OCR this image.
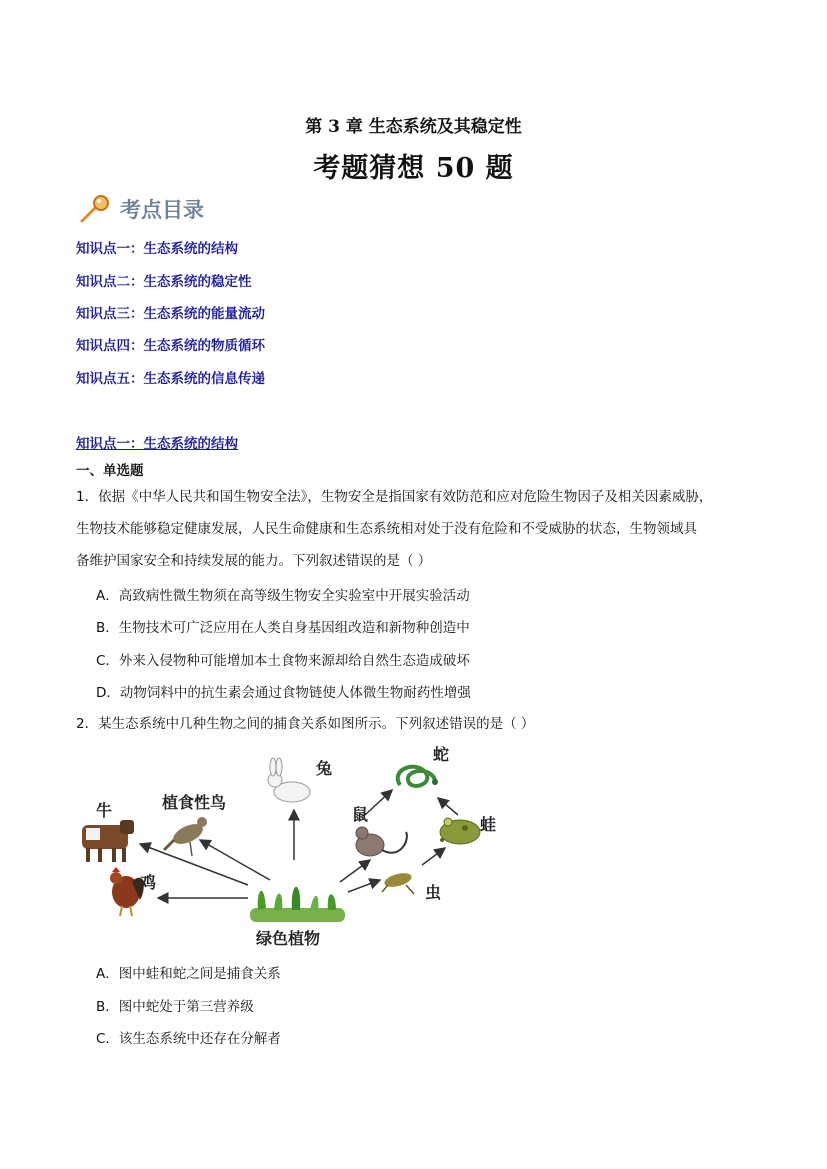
第 3 章 生态系统及其稳定性
考题猜想 50 题
考点目录
知识点一：生态系统的结构
知识点二：生态系统的稳定性
知识点三：生态系统的能量流动
知识点四：生态系统的物质循环
知识点五：生态系统的信息传递
知识点一：生态系统的结构
一、单选题
1．依据《中华人民共和国生物安全法》，生物安全是指国家有效防范和应对危险生物因子及相关因素威胁，
生物技术能够稳定健康发展，人民生命健康和生态系统相对处于没有危险和不受威胁的状态，生物领域具
备维护国家安全和持续发展的能力。下列叙述错误的是（ ）
A．高致病性微生物须在高等级生物安全实验室中开展实验活动
B．生物技术可广泛应用在人类自身基因组改造和新物种创造中
C．外来入侵物种可能增加本土食物来源却给自然生态造成破坏
D．动物饲料中的抗生素会通过食物链使人体微生物耐药性增强
2．某生态系统中几种生物之间的捕食关系如图所示。下列叙述错误的是（ ）
兔
蛇
牛	植食性鸟
鼠
蛙
鸡
虫
绿色植物
A．图中蛙和蛇之间是捕食关系
B．图中蛇处于第三营养级
C．该生态系统中还存在分解者
